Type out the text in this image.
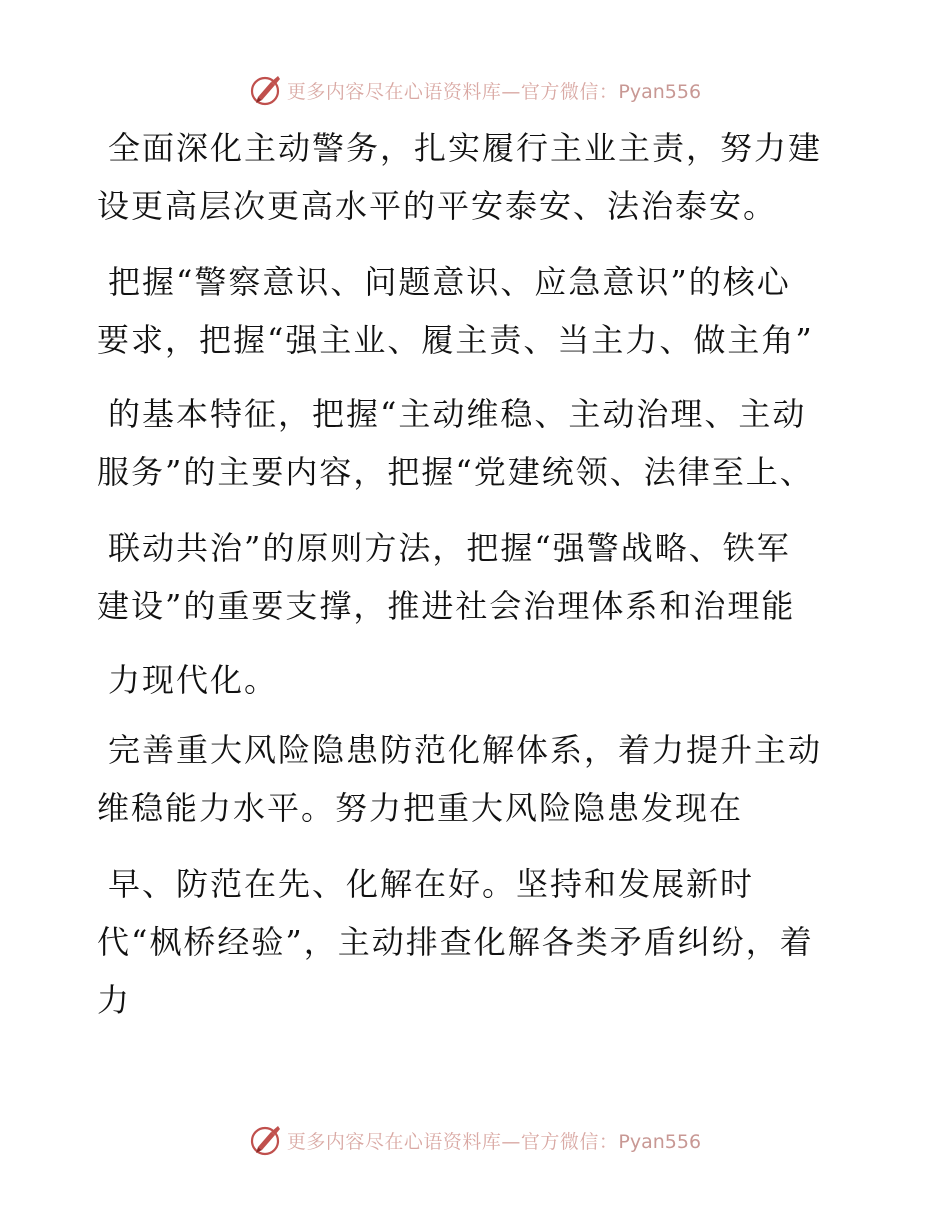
更多内容尽在心语资料库—官方微信：Pyan556
全面深化主动警务，扎实履行主业主责，努力建
设更高层次更高水平的平安泰安、法治泰安。
把握“警察意识、问题意识、应急意识”的核心
要求，把握“强主业、履主责、当主力、做主角”
的基本特征，把握“主动维稳、主动治理、主动
服务”的主要内容，把握“党建统领、法律至上、
联动共治”的原则方法，把握“强警战略、铁军
建设”的重要支撑，推进社会治理体系和治理能
力现代化。
完善重大风险隐患防范化解体系，着力提升主动
维稳能力水平。努力把重大风险隐患发现在
早、防范在先、化解在好。坚持和发展新时
代“枫桥经验”，主动排查化解各类矛盾纠纷，着
力
更多内容尽在心语资料库—官方微信：Pyan556
